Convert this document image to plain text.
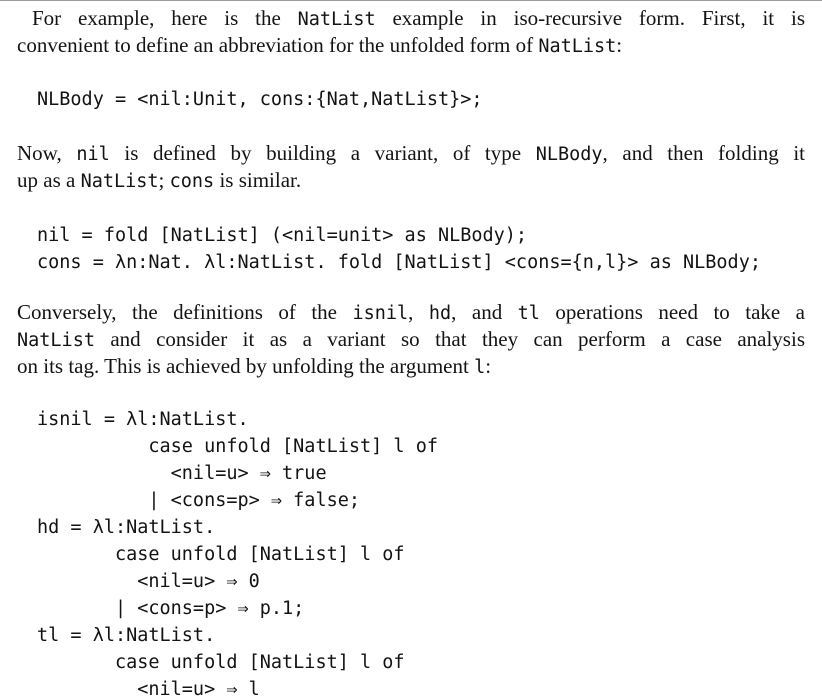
For example, here is the NatList example in iso-recursive form. First, it is
convenient to define an abbreviation for the unfolded form of NatList:
NLBody = <nil:Unit, cons:{Nat,NatList}>;
Now, nil is defined by building a variant, of type NLBody, and then folding it
up as a NatList; cons is similar.
nil = fold [NatList] (<nil=unit> as NLBody);
cons = λn:Nat. λl:NatList. fold [NatList] <cons={n,l}> as NLBody;
Conversely, the definitions of the isnil, hd, and tl operations need to take a
NatList and consider it as a variant so that they can perform a case analysis
on its tag. This is achieved by unfolding the argument l:
isnil = λl:NatList.
case unfold [NatList] l of
<nil=u> ⇒ true
| <cons=p> ⇒ false;
hd = λl:NatList.
case unfold [NatList] l of
<nil=u> ⇒ 0
| <cons=p> ⇒ p.1;
tl = λl:NatList.
case unfold [NatList] l of
<nil=u> ⇒ l
